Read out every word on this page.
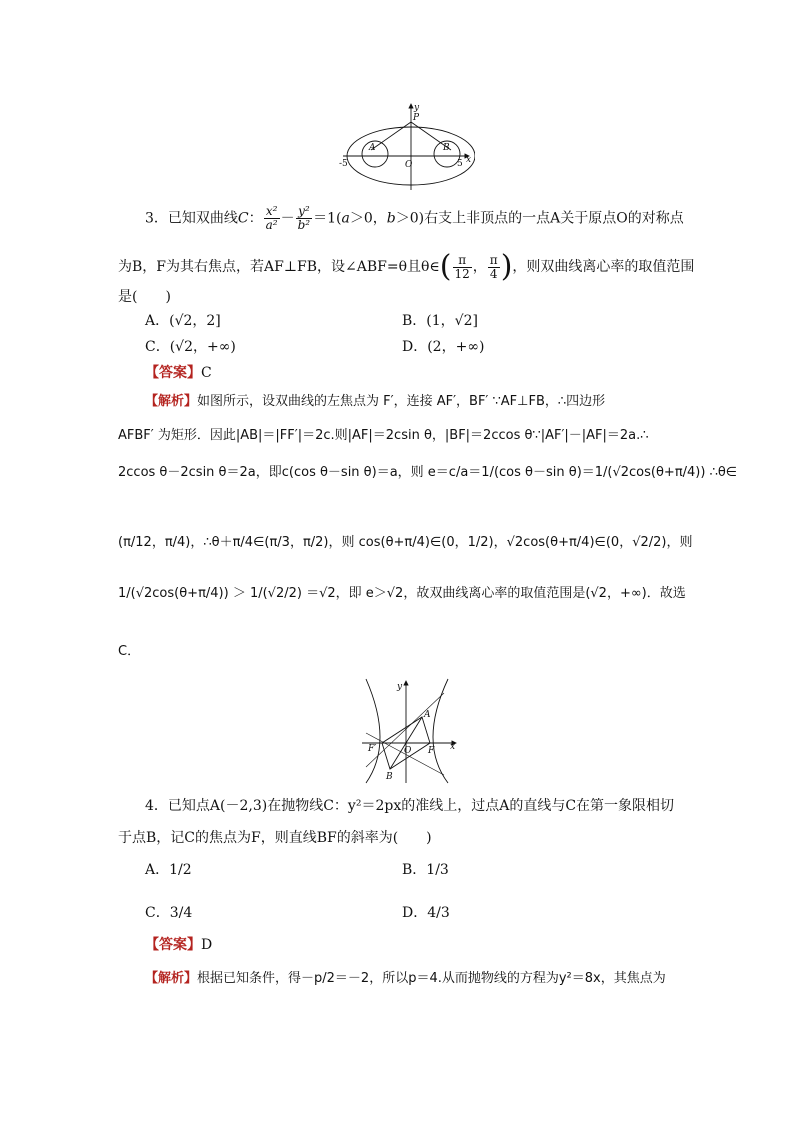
y
P
A	B
O	x
-5	5
3．已知双曲线C： $\frac{\text{x²}}{\text{a²}} - \frac{\text{y²}}{\text{b²}} =1(a>0$，b＞0)右支上非顶点的一点A关于原点O的对称点
为B，F为其右焦点，若AF⊥FB，设∠ABF=θ且θ∈( $\frac{\pi}{12}$ ， $\frac{\pi}{4}$ )，则双曲线离心率的取值范围
是(　　)
A．(√2，2]	B．(1，√2]
C．(√2，+∞)	D．(2，+∞)
【答案】C
【解析】如图所示，设双曲线的左焦点为 F′，连接 AF′，BF′ ∵AF⊥FB，∴四边形
AFBF′ 为矩形．因此|AB|＝|FF′|＝2c.则|AF|＝2csin θ，|BF|＝2ccos θ∵|AF′|－|AF|＝2a.∴
2ccos θ－2csin θ＝2a，即c(cos θ－sin θ)＝a，则 e＝c/a＝1/(cos θ－sin θ)＝1/(√2cos(θ+π/4)) ∴θ∈
(π/12，π/4)，∴θ＋π/4∈(π/3，π/2)，则 cos(θ+π/4)∈(0，1/2)，√2cos(θ+π/4)∈(0，√2/2)，则
1/(√2cos(θ+π/4)) ＞ 1/(√2/2) ＝√2，即 e＞√2，故双曲线离心率的取值范围是(√2，+∞)．故选
C．
y
A
F′	O F
B
x
4．已知点A(－2,3)在抛物线C：y²＝2px的准线上，过点A的直线与C在第一象限相切
于点B，记C的焦点为F，则直线BF的斜率为(　　)
A．1/2	B．1/3
C．3/4	D．4/3
【答案】D
【解析】根据已知条件，得－p/2＝－2，所以p＝4.从而抛物线的方程为y²＝8x，其焦点为
